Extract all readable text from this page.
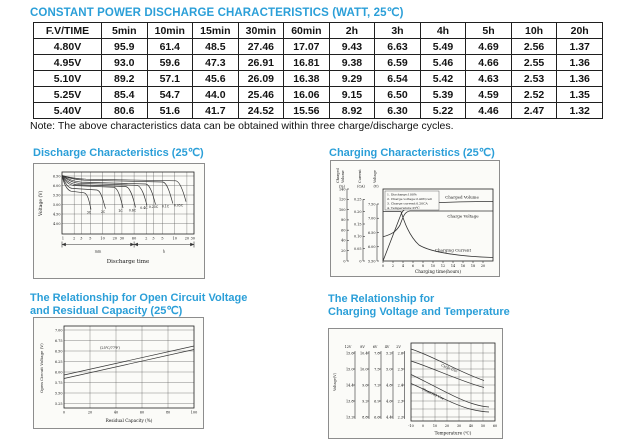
CONSTANT POWER DISCHARGE CHARACTERISTICS (WATT, 25℃)
F.V/TIME	5min	10min	15min	30min	60min	2h	3h	4h	5h	10h	20h
4.80V	95.9	61.4	48.5	27.46	17.07	9.43	6.63	5.49	4.69	2.56	1.37
4.95V	93.0	59.6	47.3	26.91	16.81	9.38	6.59	5.46	4.66	2.55	1.36
5.10V	89.2	57.1	45.6	26.09	16.38	9.29	6.54	5.42	4.63	2.53	1.36
5.25V	85.4	54.7	44.0	25.46	16.06	9.15	6.50	5.39	4.59	2.52	1.35
5.40V	80.6	51.6	41.7	24.52	15.56	8.92	6.30	5.22	4.46	2.47	1.32
Note: The above characteristics data can be obtained within three charge/discharge cycles.
Discharge Characteristics (25℃)
3C	2C	1C 0.6C
0.4C 0.25C 0.1C 0.05C
6.50
6.00
5.50
5.00
4.50
4.00
1	2 3 5	10 20 30 60	2 3 5	10 20 30
min	h
Discharge time
Voltage (V)
Charging Characteristics (25℃)
Charged Volume	Current	Voltage
(%)	(CA)	(V)
140
120
100
80
60
40
20
0
0.25
0.20
0.15
0.10
0.05
0
7.50
7.00
6.50
6.00
5.50
1. Discharge:100%
2. Charge voltage:2.40V/cell
3. Charge current:0.20CA
4. Temperature:25℃
Charged Volume
Charge Voltage
Charging Current
0 2 4 6 8 10 12 14 16 18 20
Charging time(hours)
The Relationship for Open Circuit Voltage
and Residual Capacity (25℃)
(25℃/77℉)
7.00
6.75
6.50
6.25
6.00
5.75
5.50
5.25
0	20	40	60	80	100
Residual Capacity (%)
Open Circuit Voltage (V)
The Relationship for
Charging Voltage and Temperature
Voltage(V)
12V	8V 6V 4V 2V
15.6
15.0
14.4
13.8
13.2
10.4
10.0
9.6
9.2
8.8
7.8
7.5
7.2
6.9
6.6
5.2
5.0
4.8
4.6
4.4
2.6
2.5
2.4
2.3
2.2
Cycle Use
Float/Std Use
-10 0	10 20 30 40 50 60
Temperature (℃)
